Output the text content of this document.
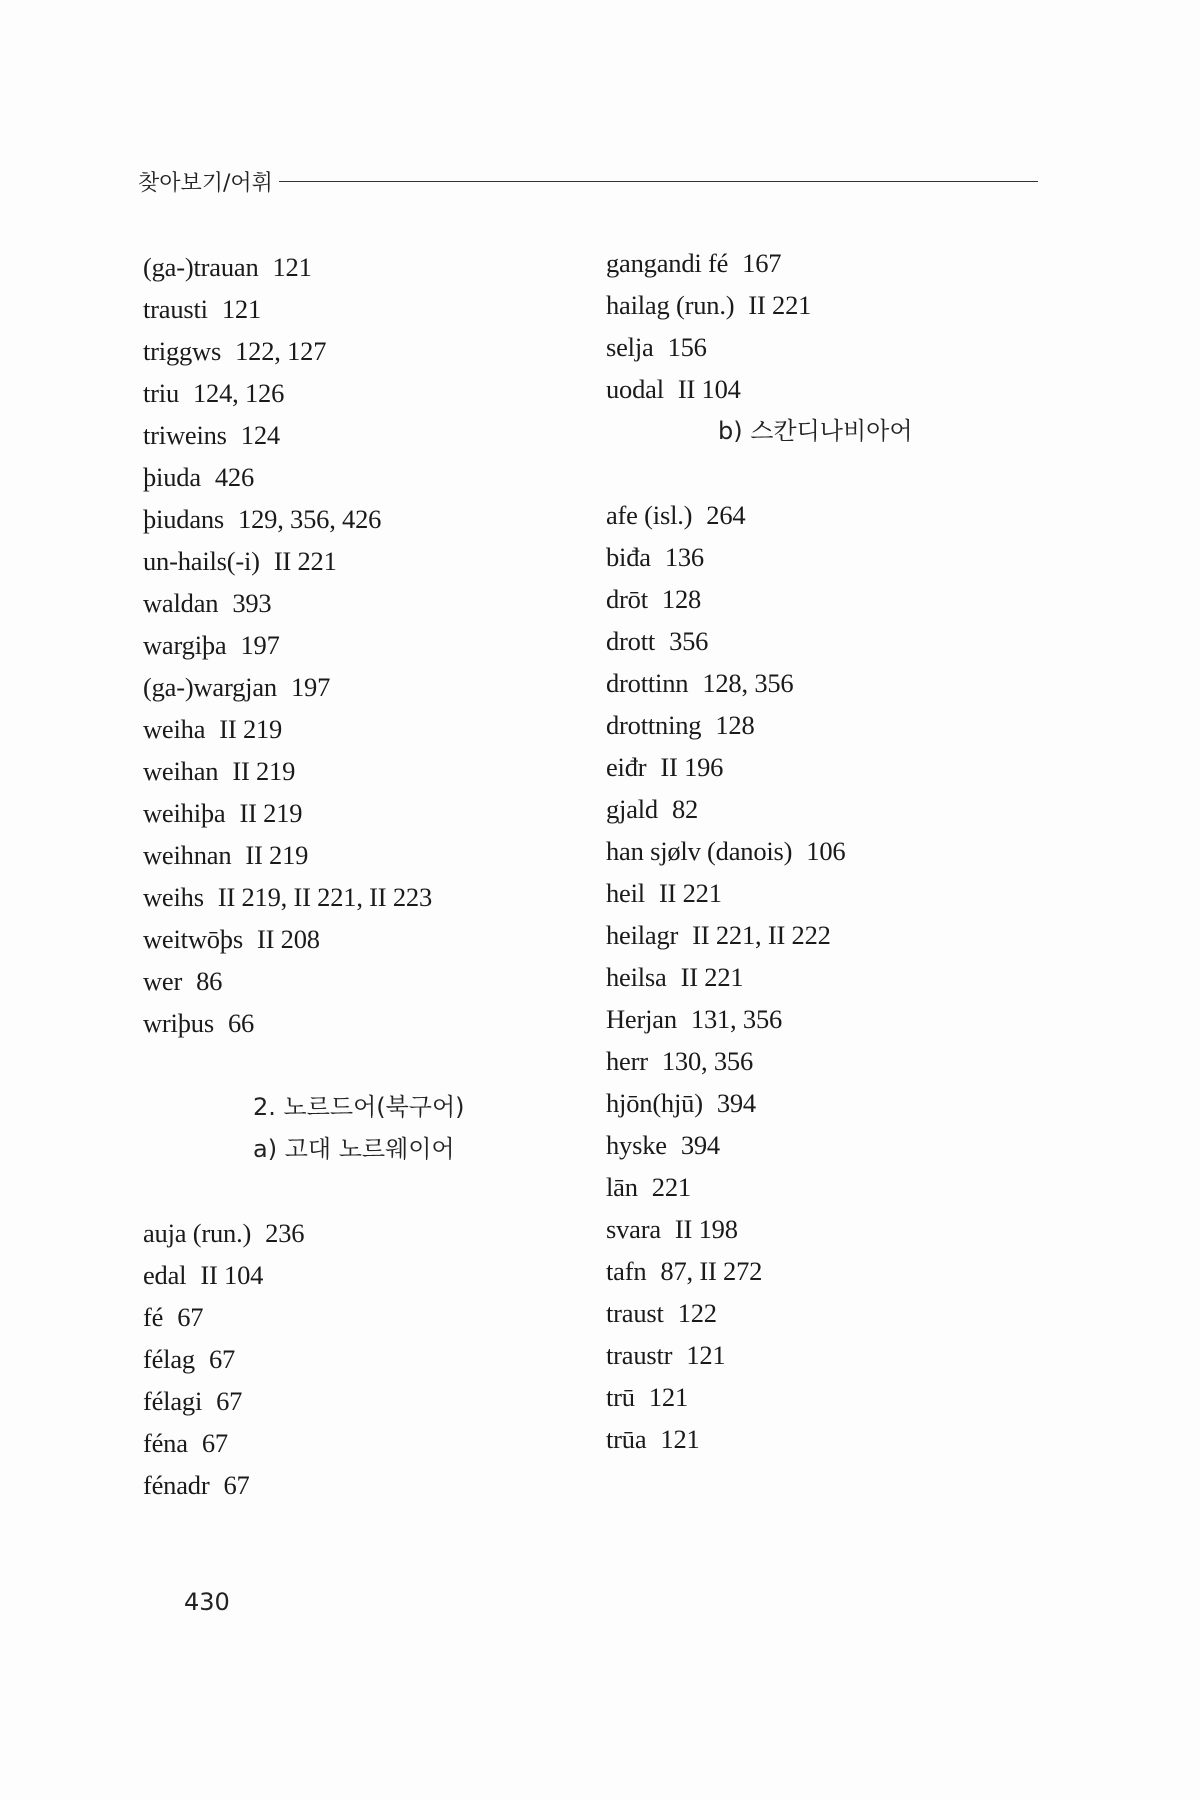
찾아보기/어휘
(ga-)trauan 121
trausti 121
triggws 122, 127
triu 124, 126
triweins 124
þiuda 426
þiudans 129, 356, 426
un-hails(-i) II 221
waldan 393
wargiþa 197
(ga-)wargjan 197
weiha II 219
weihan II 219
weihiþa II 219
weihnan II 219
weihs II 219, II 221, II 223
weitwōþs II 208
wer 86
wriþus 66
2. 노르드어(북구어)
a) 고대 노르웨이어
auja (run.) 236
edal II 104
fé 67
félag 67
félagi 67
féna 67
fénadr 67
gangandi fé 167
hailag (run.) II 221
selja 156
uodal II 104
b) 스칸디나비아어
afe (isl.) 264
biđa 136
drōt 128
drott 356
drottinn 128, 356
drottning 128
eiđr II 196
gjald 82
han sjølv (danois) 106
heil II 221
heilagr II 221, II 222
heilsa II 221
Herjan 131, 356
herr 130, 356
hjōn(hjū) 394
hyske 394
lān 221
svara II 198
tafn 87, II 272
traust 122
traustr 121
trū 121
trūa 121
430
